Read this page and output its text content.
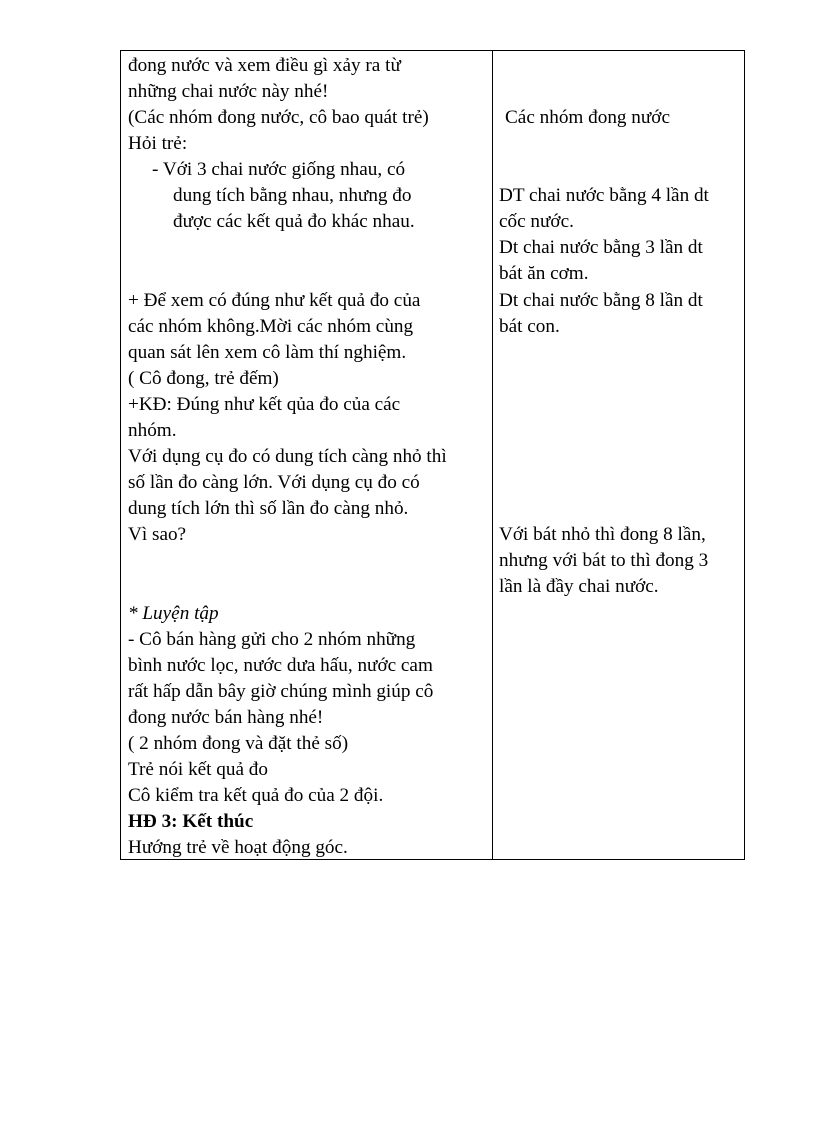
đong nước và xem điều gì xảy ra từ
những chai nước này nhé!
(Các nhóm đong nước, cô bao quát trẻ)
Hỏi trẻ:
- Với 3 chai nước giống nhau, có
dung tích bằng nhau, nhưng đo
được các kết quả đo khác nhau.
+ Để xem có đúng như kết quả đo của
các nhóm không.Mời các nhóm cùng
quan sát lên xem cô làm thí nghiệm.
( Cô đong, trẻ đếm)
+KĐ: Đúng như kết qủa đo của các
nhóm.
Với dụng cụ đo có dung tích càng nhỏ thì
số lần đo càng lớn. Với dụng cụ đo có
dung tích lớn thì số lần đo càng nhỏ.
Vì sao?
* Luyện tập
- Cô bán hàng gửi cho 2 nhóm những
bình nước lọc, nước dưa hấu, nước cam
rất hấp dẫn bây giờ chúng mình giúp cô
đong nước bán hàng nhé!
( 2 nhóm đong và đặt thẻ số)
Trẻ nói kết quả đo
Cô kiểm tra kết quả đo của 2 đội.
HĐ 3: Kết thúc
Hướng trẻ về hoạt động góc.
Các nhóm đong nước
DT chai nước bằng 4 lần dt
cốc nước.
Dt chai nước bằng 3 lần dt
bát ăn cơm.
Dt chai nước bằng 8 lần dt
bát con.
Với bát nhỏ thì đong 8 lần,
nhưng với bát to thì đong 3
lần là đầy chai nước.
